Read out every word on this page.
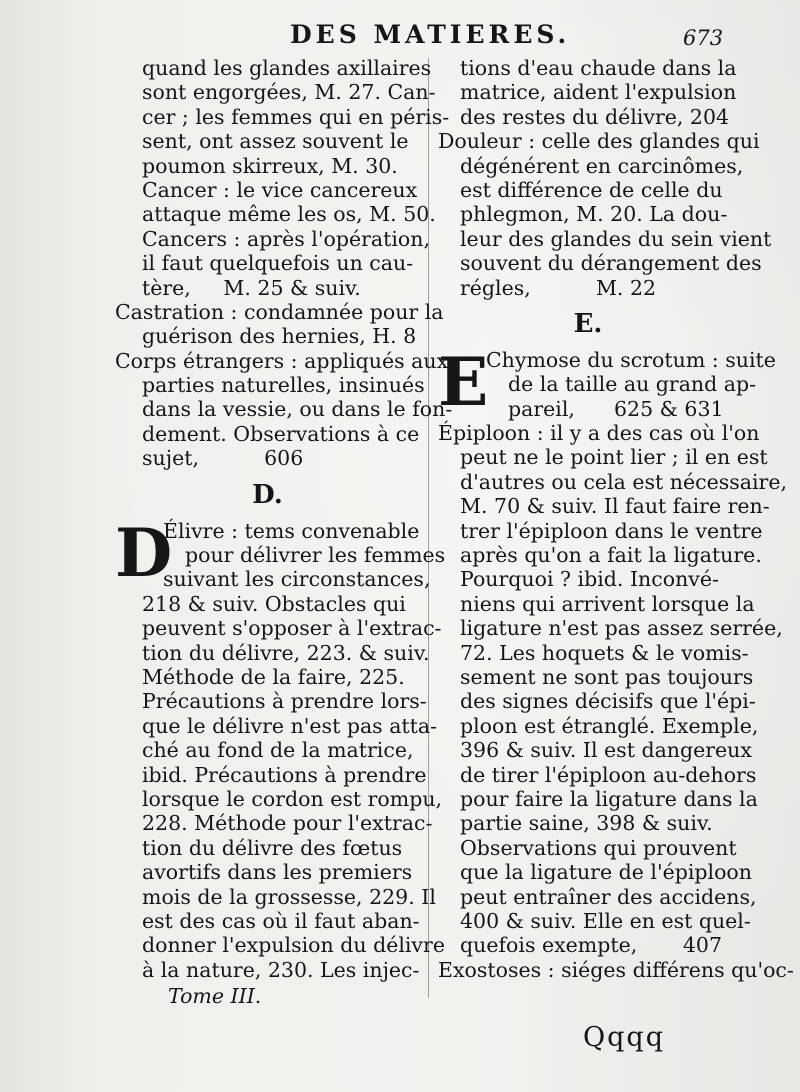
DES MATIERES.	673
quand les glandes axillaires
sont engorgées, M. 27. Can-
cer ; les femmes qui en péris-
sent, ont assez souvent le
poumon skirreux, M. 30.
Cancer : le vice cancereux
attaque même les os, M. 50.
Cancers : après l'opération,
il faut quelquefois un cau-
tère,     M. 25 & suiv.
Castration : condamnée pour la
guérison des hernies, H. 8
Corps étrangers : appliqués aux
parties naturelles, insinués
dans la vessie, ou dans le fon-
dement. Observations à ce
sujet,          606
D.
D
Élivre : tems convenable
pour délivrer les femmes
suivant les circonstances,
218 & suiv. Obstacles qui
peuvent s'opposer à l'extrac-
tion du délivre, 223. & suiv.
Méthode de la faire, 225.
Précautions à prendre lors-
que le délivre n'est pas atta-
ché au fond de la matrice,
ibid. Précautions à prendre
lorsque le cordon est rompu,
228. Méthode pour l'extrac-
tion du délivre des fœtus
avortifs dans les premiers
mois de la grossesse, 229. Il
est des cas où il faut aban-
donner l'expulsion du délivre
à la nature, 230. Les injec-
Tome III.
tions d'eau chaude dans la
matrice, aident l'expulsion
des restes du délivre, 204
Douleur : celle des glandes qui
dégénérent en carcinômes,
est différence de celle du
phlegmon, M. 20. La dou-
leur des glandes du sein vient
souvent du dérangement des
régles,          M. 22
E.
E
Chymose du scrotum : suite
de la taille au grand ap-
pareil,      625 & 631
Épiploon : il y a des cas où l'on
peut ne le point lier ; il en est
d'autres ou cela est nécessaire,
M. 70 & suiv. Il faut faire ren-
trer l'épiploon dans le ventre
après qu'on a fait la ligature.
Pourquoi ? ibid. Inconvé-
niens qui arrivent lorsque la
ligature n'est pas assez serrée,
72. Les hoquets & le vomis-
sement ne sont pas toujours
des signes décisifs que l'épi-
ploon est étranglé. Exemple,
396 & suiv. Il est dangereux
de tirer l'épiploon au-dehors
pour faire la ligature dans la
partie saine, 398 & suiv.
Observations qui prouvent
que la ligature de l'épiploon
peut entraîner des accidens,
400 & suiv. Elle en est quel-
quefois exempte,       407
Exostoses : siéges différens qu'oc-
Qqqq
